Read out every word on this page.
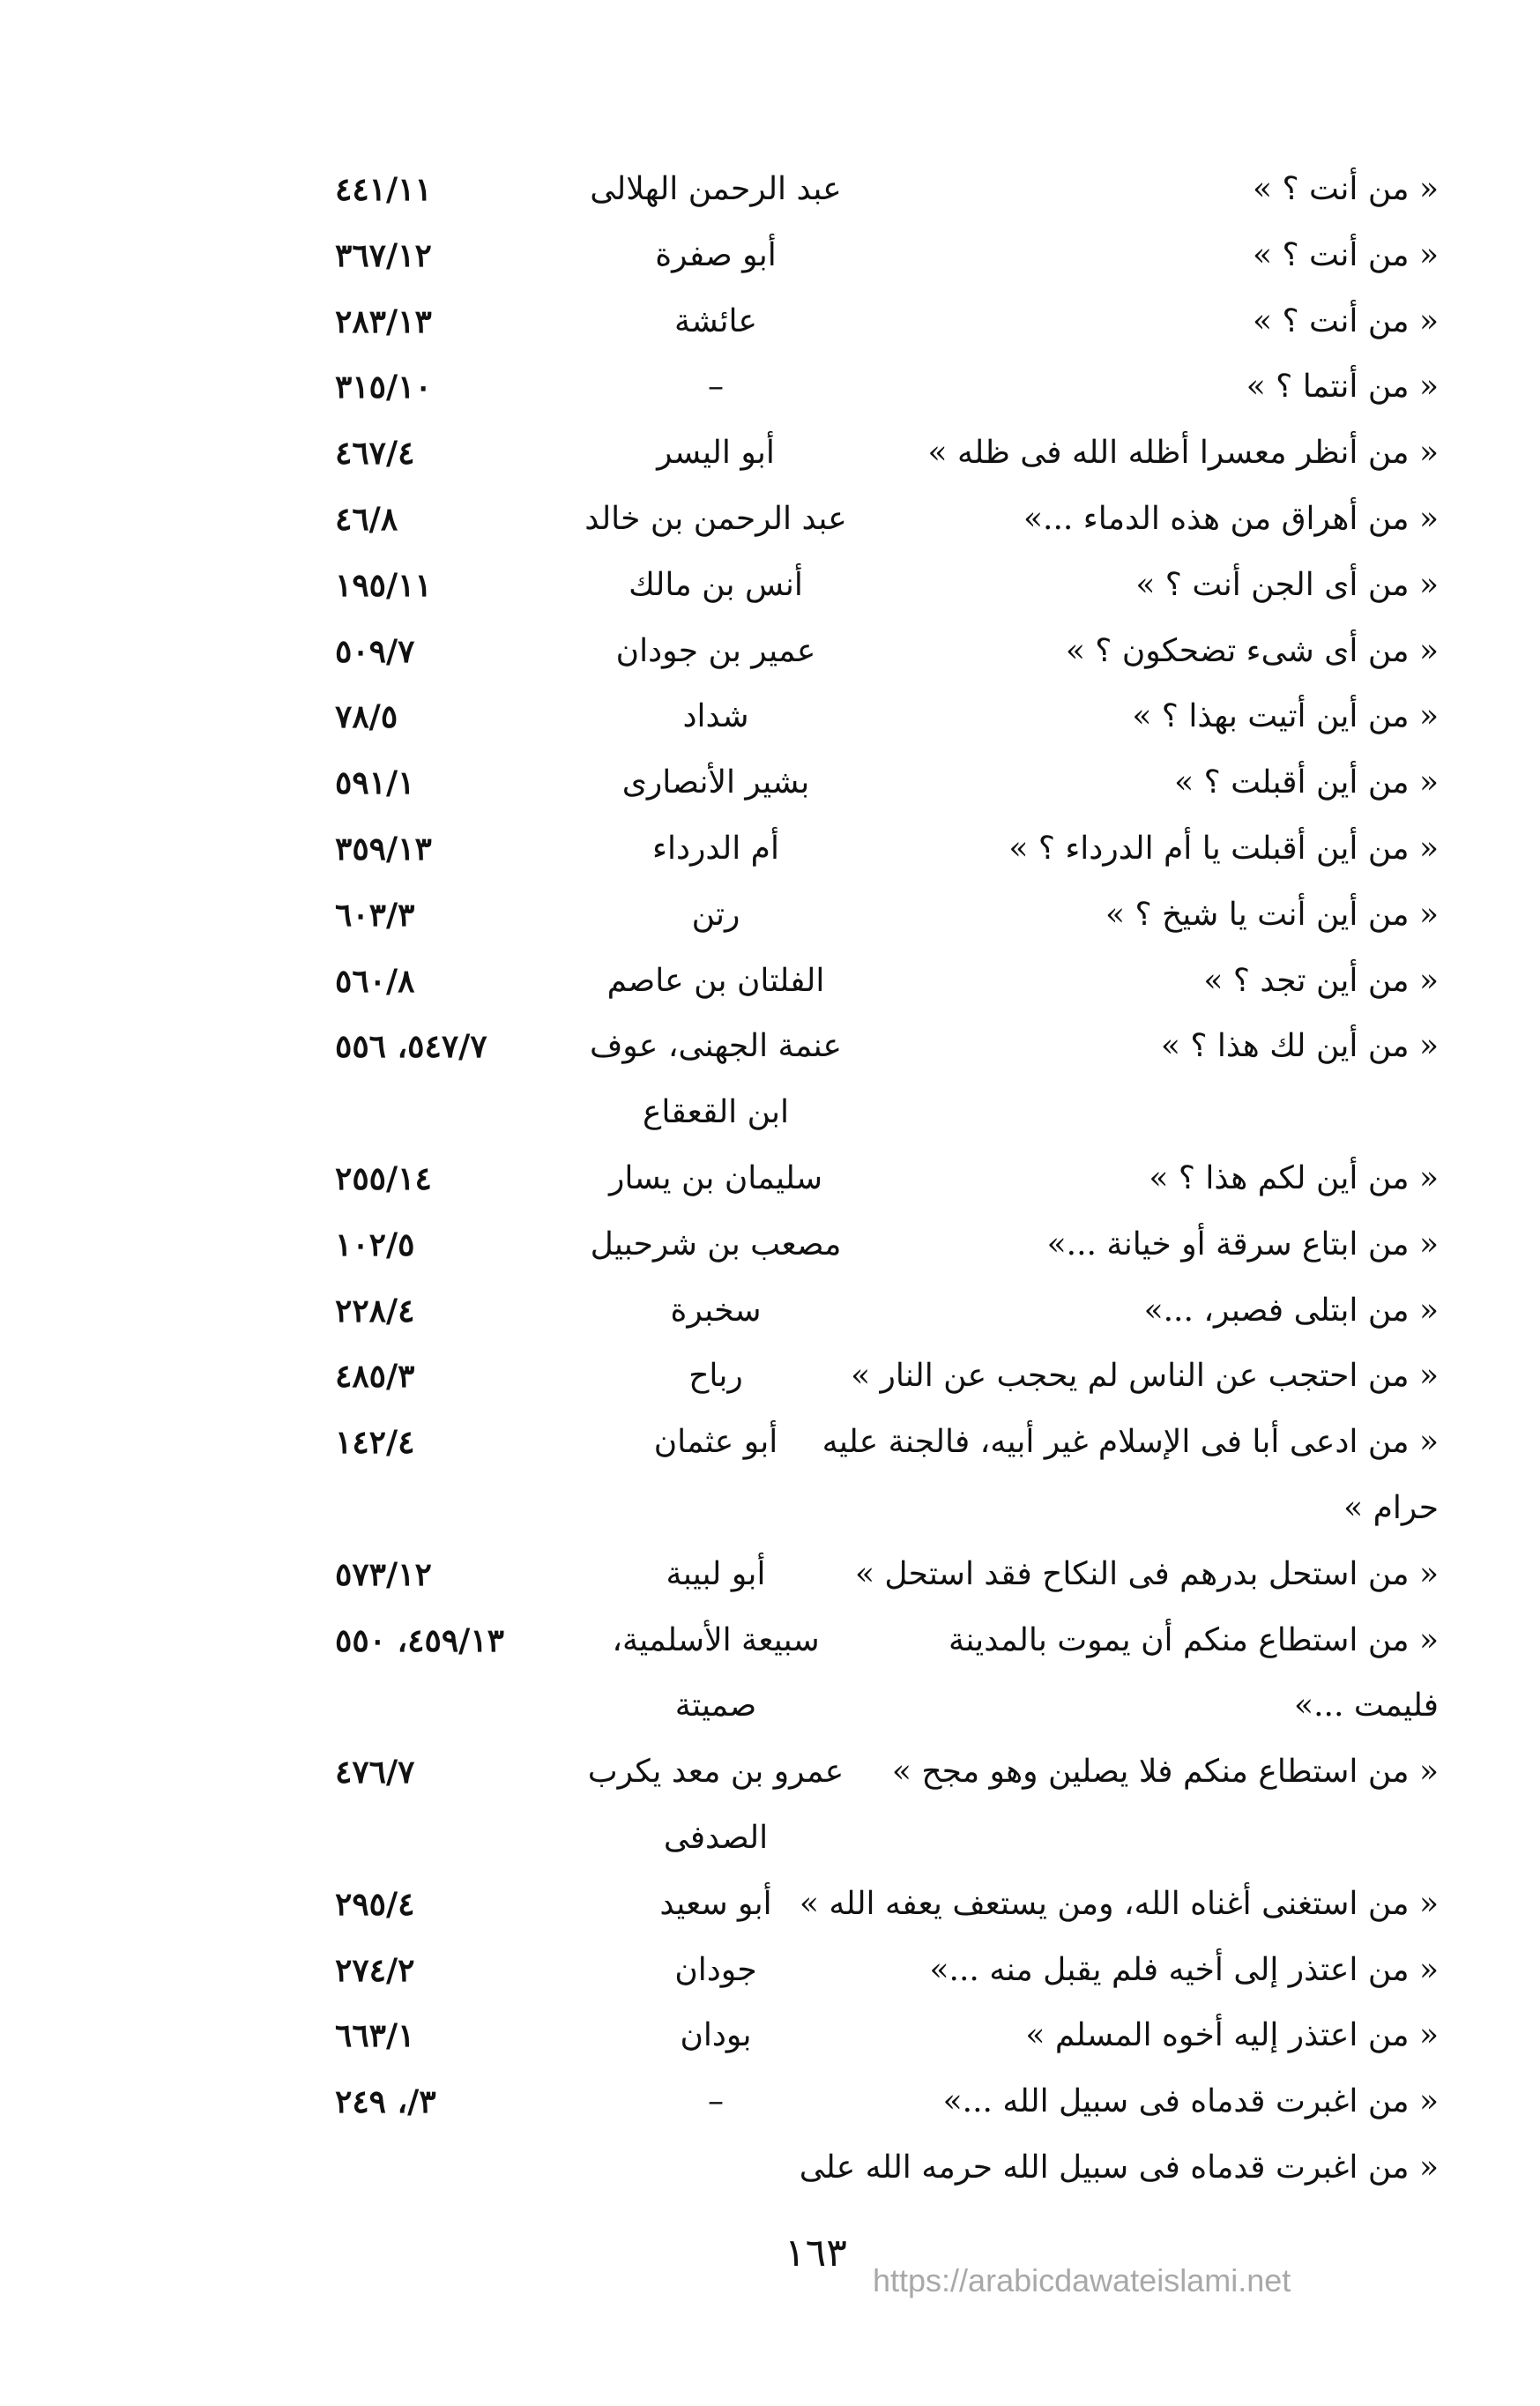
« من أنت ؟ »
عبد الرحمن الهلالى
٤٤١/١١
« من أنت ؟ »
أبو صفرة
٣٦٧/١٢
« من أنت ؟ »
عائشة
٢٨٣/١٣
« من أنتما ؟ »
–
٣١٥/١٠
« من أنظر معسرا أظله الله فى ظله »
أبو اليسر
٤٦٧/٤
« من أهراق من هذه الدماء ...»
عبد الرحمن بن خالد
٤٦/٨
« من أى الجن أنت ؟ »
أنس بن مالك
١٩٥/١١
« من أى شىء تضحكون ؟ »
عمير بن جودان
٥٠٩/٧
« من أين أتيت بهذا ؟ »
شداد
٧٨/٥
« من أين أقبلت ؟ »
بشير الأنصارى
٥٩١/١
« من أين أقبلت يا أم الدرداء ؟ »
أم الدرداء
٣٥٩/١٣
« من أين أنت يا شيخ ؟ »
رتن
٦٠٣/٣
« من أين تجد ؟ »
الفلتان بن عاصم
٥٦٠/٨
« من أين لك هذا ؟ »
عنمة الجهنى، عوف
٥٤٧/٧، ٥٥٦
ابن القعقاع
« من أين لكم هذا ؟ »
سليمان بن يسار
٢٥٥/١٤
« من ابتاع سرقة أو خيانة ...»
مصعب بن شرحبيل
١٠٢/٥
« من ابتلى فصبر، ...»
سخبرة
٢٢٨/٤
« من احتجب عن الناس لم يحجب عن النار »
رباح
٤٨٥/٣
« من ادعى أبا فى الإسلام غير أبيه، فالجنة عليه
أبو عثمان
١٤٢/٤
حرام »
« من استحل بدرهم فى النكاح فقد استحل »
أبو لبيبة
٥٧٣/١٢
« من استطاع منكم أن يموت بالمدينة
سبيعة الأسلمية،
٤٥٩/١٣، ٥٥٠
فليمت ...»
صميتة
« من استطاع منكم فلا يصلين وهو مجح »
عمرو بن معد يكرب
٤٧٦/٧
الصدفى
« من استغنى أغناه الله، ومن يستعف يعفه الله »
أبو سعيد
٢٩٥/٤
« من اعتذر إلى أخيه فلم يقبل منه ...»
جودان
٢٧٤/٢
« من اعتذر إليه أخوه المسلم »
بودان
٦٦٣/١
« من اغبرت قدماه فى سبيل الله ...»
–
٣/، ٢٤٩
« من اغبرت قدماه فى سبيل الله حرمه الله على
١٦٣
https://arabicdawateislami.net
